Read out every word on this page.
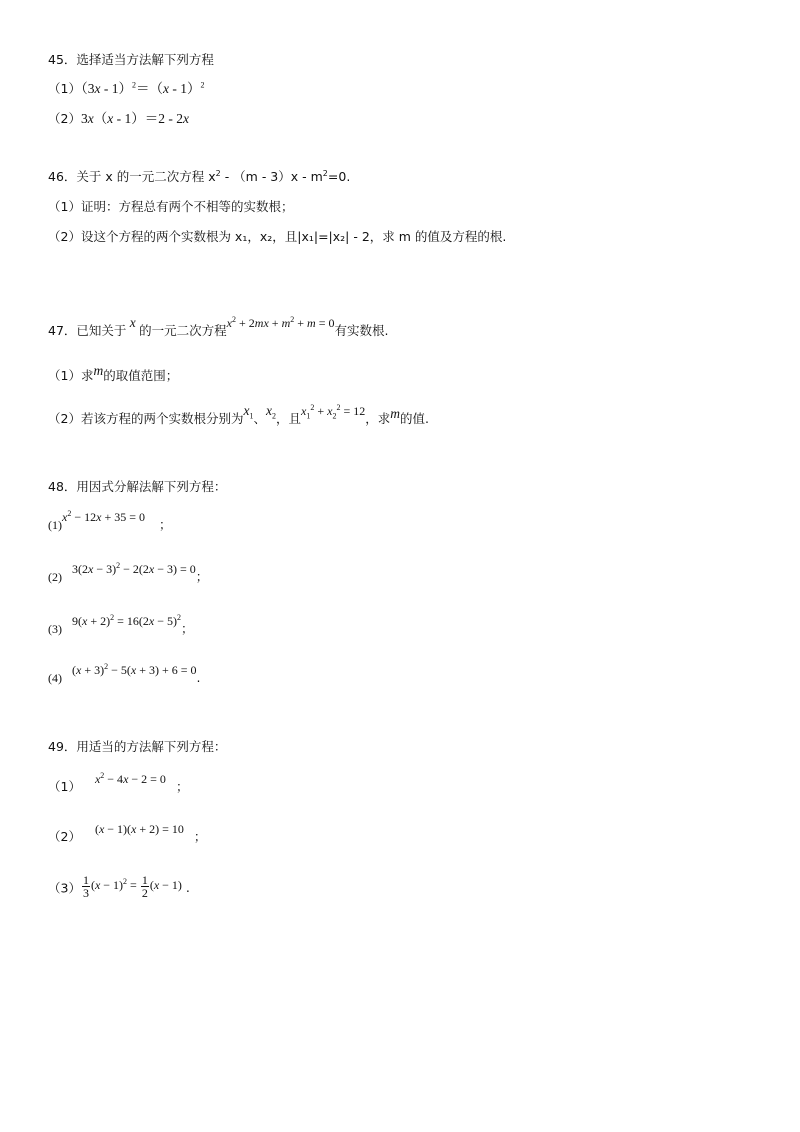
45．选择适当方法解下列方程
（1）（3x - 1）$^2$＝（x - 1）$^2$
（2）3x（x - 1）＝2 - 2x
46．关于 x 的一元二次方程 $x^2 - (m - 3)x - m^2=0$.
（1）证明：方程总有两个不相等的实数根；
（2）设这个方程的两个实数根为 x₁，x₂，且|x₁|=|x₂| - 2，求 m 的值及方程的根.
47．已知关于 x 的一元二次方程$x^2 + 2mx + m^2 + m = 0$有实数根.
（1）求m的取值范围；
（2）若该方程的两个实数根分别为$x_1$、$x_2$，且$x_1^2 + x_2^2 = 12$，求m的值.
48．用因式分解法解下列方程：
$(1)x^2 - 12x + 35 = 0$ ；
$(2)3(2x - 3)^2 - 2(2x - 3) = 0$；
$(3)9(x + 2)^2 = 16(2x - 5)^2$；
$(4)(x + 3)^2 - 5(x + 3) + 6 = 0$.
49．用适当的方法解下列方程：
（1） $x^2 - 4x - 2 = 0$ ；
（2） (x − 1)(x + 2) = 10 ；
$(3) \frac{1}{3} (x - 1)^2 = \frac{1}{2} (x - 1)$ .
